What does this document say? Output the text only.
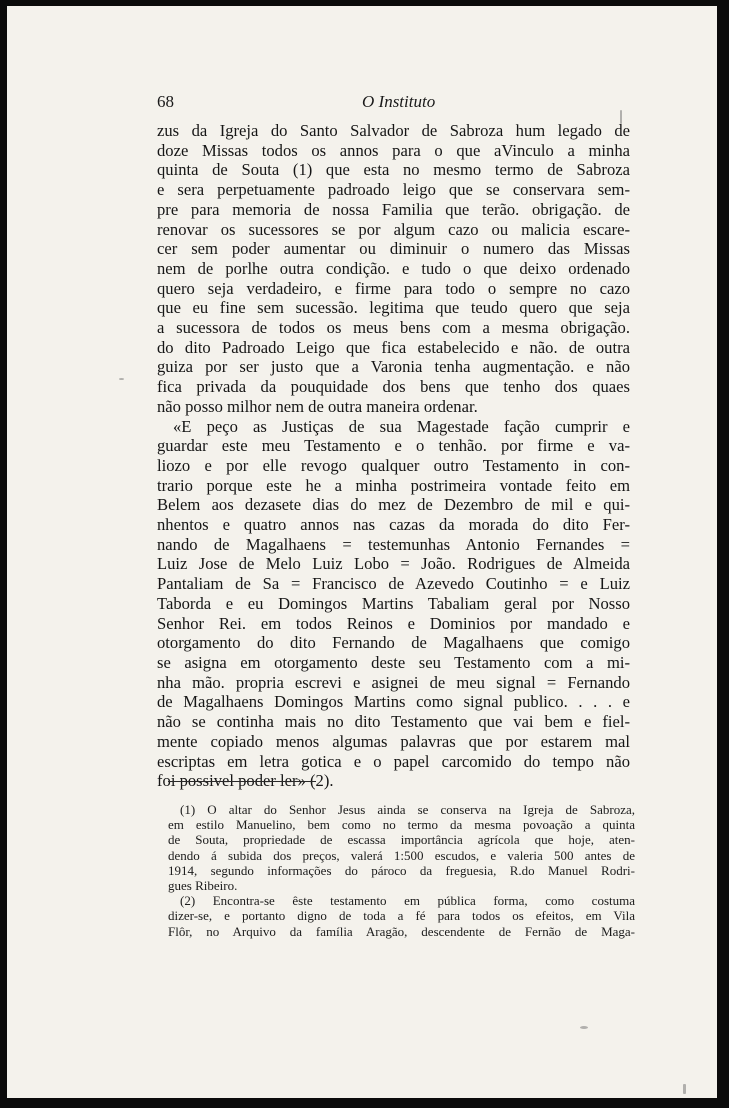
68	O Instituto

zus da Igreja do Santo Salvador de Sabroza hum legado de
doze Missas todos os annos para o que aVinculo a minha
quinta de Souta (1) que esta no mesmo termo de Sabroza
e sera perpetuamente padroado leigo que se conservara sem-
pre para memoria de nossa Familia que terão. obrigação. de
renovar os sucessores se por algum cazo ou malicia escare-
cer sem poder aumentar ou diminuir o numero das Missas
nem de porlhe outra condição. e tudo o que deixo ordenado
quero seja verdadeiro, e firme para todo o sempre no cazo
que eu fine sem sucessão. legitima que teudo quero que seja
a sucessora de todos os meus bens com a mesma obrigação.
do dito Padroado Leigo que fica estabelecido e não. de outra
guiza por ser justo que a Varonia tenha augmentação. e não
fica privada da pouquidade dos bens que tenho dos quaes
não posso milhor nem de outra maneira ordenar.

«E peço as Justiças de sua Magestade fação cumprir e
guardar este meu Testamento e o tenhão. por firme e va-
liozo e por elle revogo qualquer outro Testamento in con-
trario porque este he a minha postrimeira vontade feito em
Belem aos dezasete dias do mez de Dezembro de mil e qui-
nhentos e quatro annos nas cazas da morada do dito Fer-
nando de Magalhaens = testemunhas Antonio Fernandes =
Luiz Jose de Melo Luiz Lobo = João. Rodrigues de Almeida
Pantaliam de Sa = Francisco de Azevedo Coutinho = e Luiz
Taborda e eu Domingos Martins Tabaliam geral por Nosso
Senhor Rei. em todos Reinos e Dominios por mandado e
otorgamento do dito Fernando de Magalhaens que comigo
se asigna em otorgamento deste seu Testamento com a mi-
nha mão. propria escrevi e asignei de meu signal = Fernando
de Magalhaens Domingos Martins como signal publico. . . . e
não se continha mais no dito Testamento que vai bem e fiel-
mente copiado menos algumas palavras que por estarem mal
escriptas em letra gotica e o papel carcomido do tempo não
foi possivel poder ler» (2).

(1) O altar do Senhor Jesus ainda se conserva na Igreja de Sabroza,
em estilo Manuelino, bem como no termo da mesma povoação a quinta
de Souta, propriedade de escassa importância agrícola que hoje, aten-
dendo á subida dos preços, valerá 1:500 escudos, e valeria 500 antes de
1914, segundo informações do pároco da freguesia, R.do Manuel Rodri-
gues Ribeiro.
(2) Encontra-se êste testamento em pública forma, como costuma
dizer-se, e portanto digno de toda a fé para todos os efeitos, em Vila
Flôr, no Arquivo da família Aragão, descendente de Fernão de Maga-
